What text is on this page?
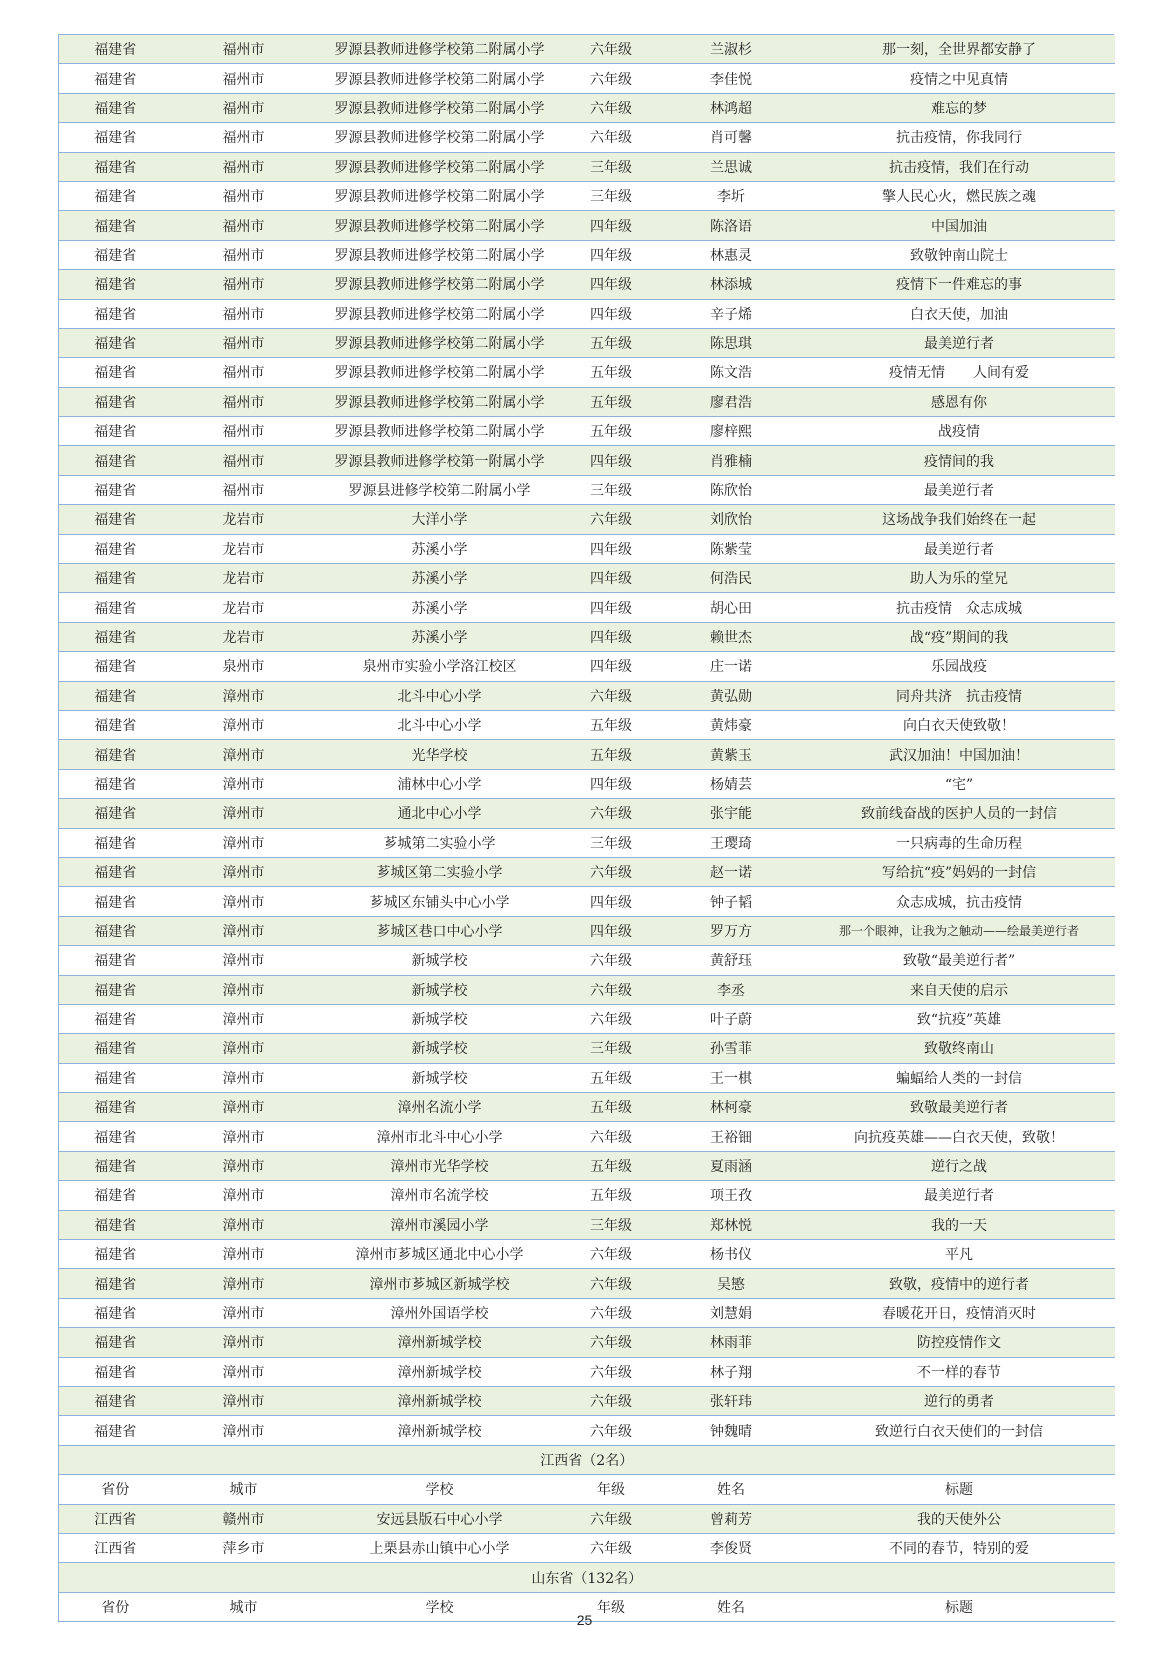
福建省	福州市	罗源县教师进修学校第二附属小学	六年级	兰淑杉	那一刻，全世界都安静了
福建省	福州市	罗源县教师进修学校第二附属小学	六年级	李佳悦	疫情之中见真情
福建省	福州市	罗源县教师进修学校第二附属小学	六年级	林鸿超	难忘的梦
福建省	福州市	罗源县教师进修学校第二附属小学	六年级	肖可馨	抗击疫情，你我同行
福建省	福州市	罗源县教师进修学校第二附属小学	三年级	兰思诚	抗击疫情，我们在行动
福建省	福州市	罗源县教师进修学校第二附属小学	三年级	李圻	擎人民心火，燃民族之魂
福建省	福州市	罗源县教师进修学校第二附属小学	四年级	陈洛语	中国加油
福建省	福州市	罗源县教师进修学校第二附属小学	四年级	林惠灵	致敬钟南山院士
福建省	福州市	罗源县教师进修学校第二附属小学	四年级	林添城	疫情下一件难忘的事
福建省	福州市	罗源县教师进修学校第二附属小学	四年级	辛子烯	白衣天使，加油
福建省	福州市	罗源县教师进修学校第二附属小学	五年级	陈思琪	最美逆行者
福建省	福州市	罗源县教师进修学校第二附属小学	五年级	陈文浩	疫情无情　　人间有爱
福建省	福州市	罗源县教师进修学校第二附属小学	五年级	廖君浩	感恩有你
福建省	福州市	罗源县教师进修学校第二附属小学	五年级	廖梓熙	战疫情
福建省	福州市	罗源县教师进修学校第一附属小学	四年级	肖雅楠	疫情间的我
福建省	福州市	罗源县进修学校第二附属小学	三年级	陈欣怡	最美逆行者
福建省	龙岩市	大洋小学	六年级	刘欣怡	这场战争我们始终在一起
福建省	龙岩市	苏溪小学	四年级	陈紫莹	最美逆行者
福建省	龙岩市	苏溪小学	四年级	何浩民	助人为乐的堂兄
福建省	龙岩市	苏溪小学	四年级	胡心田	抗击疫情　众志成城
福建省	龙岩市	苏溪小学	四年级	赖世杰	战“疫”期间的我
福建省	泉州市	泉州市实验小学洛江校区	四年级	庄一诺	乐园战疫
福建省	漳州市	北斗中心小学	六年级	黄弘勋	同舟共济　抗击疫情
福建省	漳州市	北斗中心小学	五年级	黄炜豪	向白衣天使致敬！
福建省	漳州市	光华学校	五年级	黄紫玉	武汉加油！中国加油！
福建省	漳州市	浦林中心小学	四年级	杨婧芸	“宅”
福建省	漳州市	通北中心小学	六年级	张宇能	致前线奋战的医护人员的一封信
福建省	漳州市	芗城第二实验小学	三年级	王璎琦	一只病毒的生命历程
福建省	漳州市	芗城区第二实验小学	六年级	赵一诺	写给抗“疫”妈妈的一封信
福建省	漳州市	芗城区东铺头中心小学	四年级	钟子韬	众志成城，抗击疫情
福建省	漳州市	芗城区巷口中心小学	四年级	罗万方	那一个眼神，让我为之触动——绘最美逆行者
福建省	漳州市	新城学校	六年级	黄舒珏	致敬“最美逆行者”
福建省	漳州市	新城学校	六年级	李丞	来自天使的启示
福建省	漳州市	新城学校	六年级	叶子蔚	致“抗疫”英雄
福建省	漳州市	新城学校	三年级	孙雪菲	致敬终南山
福建省	漳州市	新城学校	五年级	王一棋	蝙蝠给人类的一封信
福建省	漳州市	漳州名流小学	五年级	林柯豪	致敬最美逆行者
福建省	漳州市	漳州市北斗中心小学	六年级	王裕钿	向抗疫英雄——白衣天使，致敬！
福建省	漳州市	漳州市光华学校	五年级	夏雨涵	逆行之战
福建省	漳州市	漳州市名流学校	五年级	项王孜	最美逆行者
福建省	漳州市	漳州市溪园小学	三年级	郑林悦	我的一天
福建省	漳州市	漳州市芗城区通北中心小学	六年级	杨书仪	平凡
福建省	漳州市	漳州市芗城区新城学校	六年级	吴慜	致敬，疫情中的逆行者
福建省	漳州市	漳州外国语学校	六年级	刘慧娟	春暖花开日，疫情消灭时
福建省	漳州市	漳州新城学校	六年级	林雨菲	防控疫情作文
福建省	漳州市	漳州新城学校	六年级	林子翔	不一样的春节
福建省	漳州市	漳州新城学校	六年级	张轩玮	逆行的勇者
福建省	漳州市	漳州新城学校	六年级	钟魏晴	致逆行白衣天使们的一封信
江西省（2名）					
省份	城市	学校	年级	姓名	标题
江西省	赣州市	安远县版石中心小学	六年级	曾莉芳	我的天使外公
江西省	萍乡市	上栗县赤山镇中心小学	六年级	李俊贤	不同的春节，特别的爱
山东省（132名）					
省份	城市	学校	年级	姓名	标题
25
